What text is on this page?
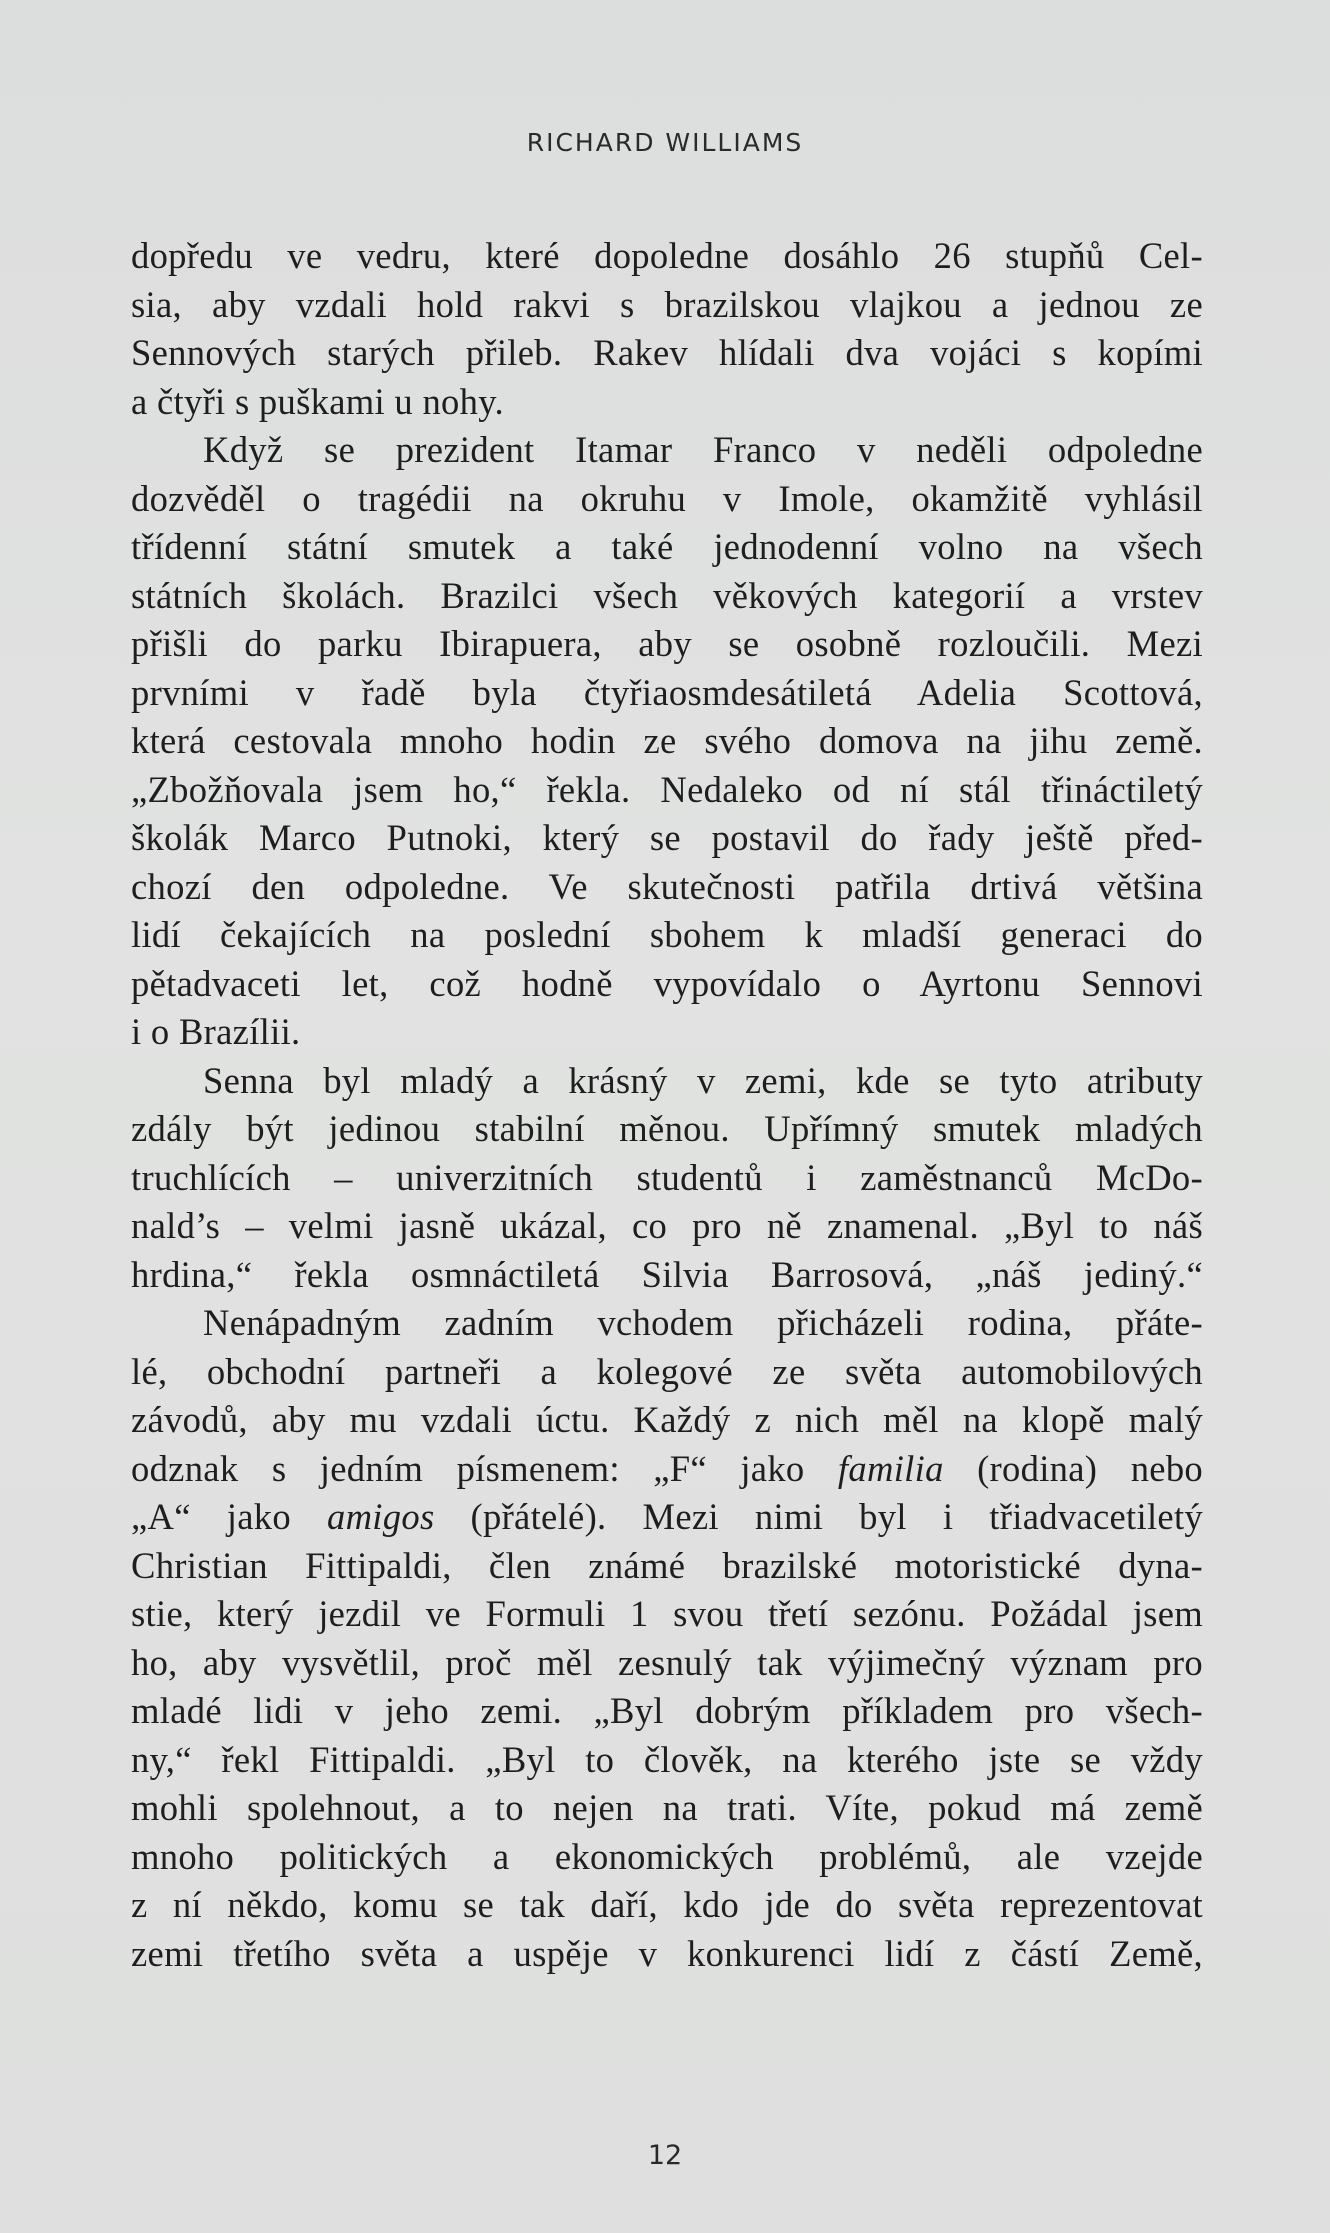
RICHARD WILLIAMS
dopředu ve vedru, které dopoledne dosáhlo 26 stupňů Cel-
sia, aby vzdali hold rakvi s brazilskou vlajkou a jednou ze
Sennových starých přileb. Rakev hlídali dva vojáci s kopími
a čtyři s puškami u nohy.
Když se prezident Itamar Franco v neděli odpoledne
dozvěděl o tragédii na okruhu v Imole, okamžitě vyhlásil
třídenní státní smutek a také jednodenní volno na všech
státních školách. Brazilci všech věkových kategorií a vrstev
přišli do parku Ibirapuera, aby se osobně rozloučili. Mezi
prvními v řadě byla čtyřiaosmdesátiletá Adelia Scottová,
která cestovala mnoho hodin ze svého domova na jihu země.
„Zbožňovala jsem ho,“ řekla. Nedaleko od ní stál třináctiletý
školák Marco Putnoki, který se postavil do řady ještě před-
chozí den odpoledne. Ve skutečnosti patřila drtivá většina
lidí čekajících na poslední sbohem k mladší generaci do
pětadvaceti let, což hodně vypovídalo o Ayrtonu Sennovi
i o Brazílii.
Senna byl mladý a krásný v zemi, kde se tyto atributy
zdály být jedinou stabilní měnou. Upřímný smutek mladých
truchlících – univerzitních studentů i zaměstnanců McDo-
nald’s – velmi jasně ukázal, co pro ně znamenal. „Byl to náš
hrdina,“ řekla osmnáctiletá Silvia Barrosová, „náš jediný.“
Nenápadným zadním vchodem přicházeli rodina, přáte-
lé, obchodní partneři a kolegové ze světa automobilových
závodů, aby mu vzdali úctu. Každý z nich měl na klopě malý
odznak s jedním písmenem: „F“ jako familia (rodina) nebo
„A“ jako amigos (přátelé). Mezi nimi byl i třiadvacetiletý
Christian Fittipaldi, člen známé brazilské motoristické dyna-
stie, který jezdil ve Formuli 1 svou třetí sezónu. Požádal jsem
ho, aby vysvětlil, proč měl zesnulý tak výjimečný význam pro
mladé lidi v jeho zemi. „Byl dobrým příkladem pro všech-
ny,“ řekl Fittipaldi. „Byl to člověk, na kterého jste se vždy
mohli spolehnout, a to nejen na trati. Víte, pokud má země
mnoho politických a ekonomických problémů, ale vzejde
z ní někdo, komu se tak daří, kdo jde do světa reprezentovat
zemi třetího světa a uspěje v konkurenci lidí z částí Země,
12
